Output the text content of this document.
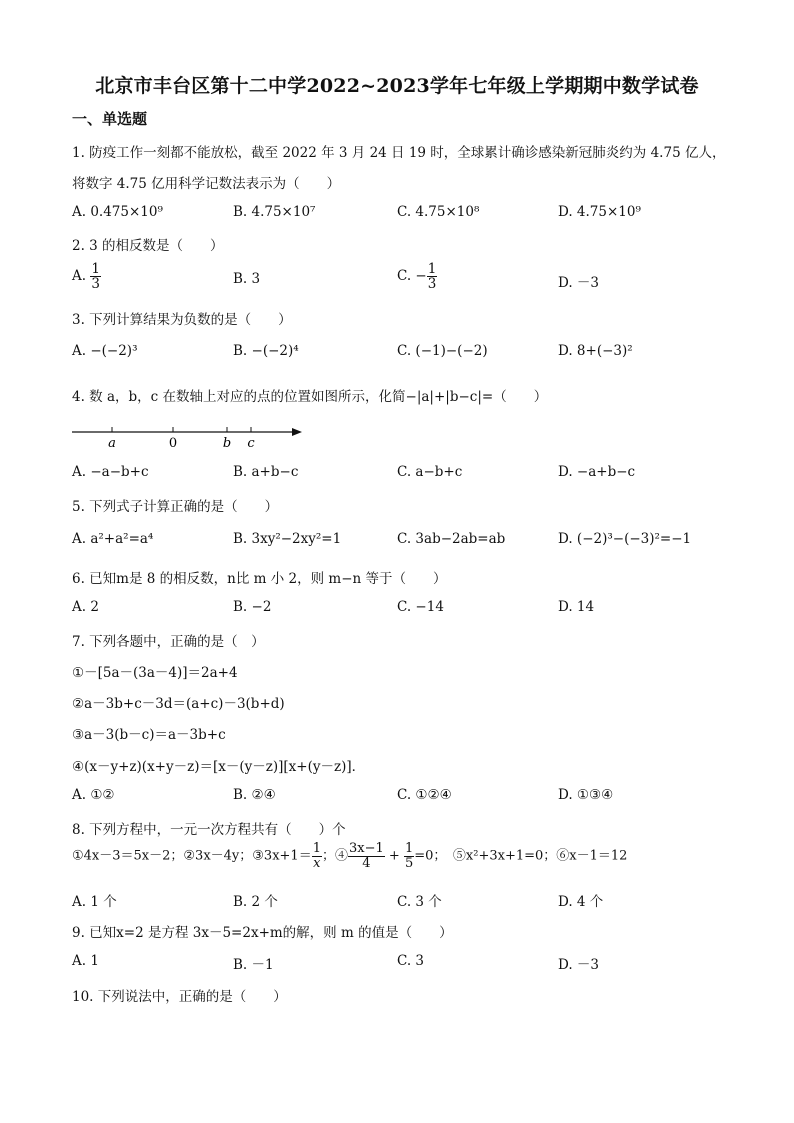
北京市丰台区第十二中学2022~2023学年七年级上学期期中数学试卷
一、单选题
1. 防疫工作一刻都不能放松，截至 2022 年 3 月 24 日 19 时，全球累计确诊感染新冠肺炎约为 4.75 亿人，
将数字 4.75 亿用科学记数法表示为（　　）
A. 0.475×10⁹	B. 4.75×10⁷	C. 4.75×10⁸	D. 4.75×10⁹
2. 3 的相反数是（　　）
A. $\frac{1}{3}$	B. 3	C. − $\frac{1}{3}$	D. －3
3. 下列计算结果为负数的是（　　）
A. −(−2)³	B. −(−2)⁴	C. (−1)−(−2)	D. 8+(−3)²
4. 数 a，b，c 在数轴上对应的点的位置如图所示，化简−|a|+|b−c|=（　　）
a	0	b c
A. −a−b+c	B. a+b−c	C. a−b+c	D. −a+b−c
5. 下列式子计算正确的是（　　）
A. a²+a²=a⁴	B. 3xy²−2xy²=1	C. 3ab−2ab=ab	D. (−2)³−(−3)²=−1
6. 已知m是 8 的相反数，n比 m 小 2，则 m−n 等于（　　）
A. 2	B. −2	C. −14	D. 14
7. 下列各题中，正确的是（　）
①－[5a－(3a－4)]＝2a+4
②a－3b+c－3d＝(a+c)－3(b+d)
③a－3(b－c)＝a－3b+c
④(x－y+z)(x+y－z)＝[x－(y－z)][x+(y－z)]．
A. ①②	B. ②④	C. ①②④	D. ①③④
8. 下列方程中，一元一次方程共有（　　）个
①4x－3＝5x－2；②3x－4y；③3x+1＝ $\frac{1}{x}$ ；④ $\frac{3x-1}{4} + \frac{1}{5} =0$；　⑤x²+3x+1=0；⑥x－1＝12
A. 1 个	B. 2 个	C. 3 个	D. 4 个
9. 已知x=2 是方程 3x－5=2x+m的解，则 m 的值是（　　）
A. 1	B. －1	C. 3	D. －3
10. 下列说法中，正确的是（　　）
